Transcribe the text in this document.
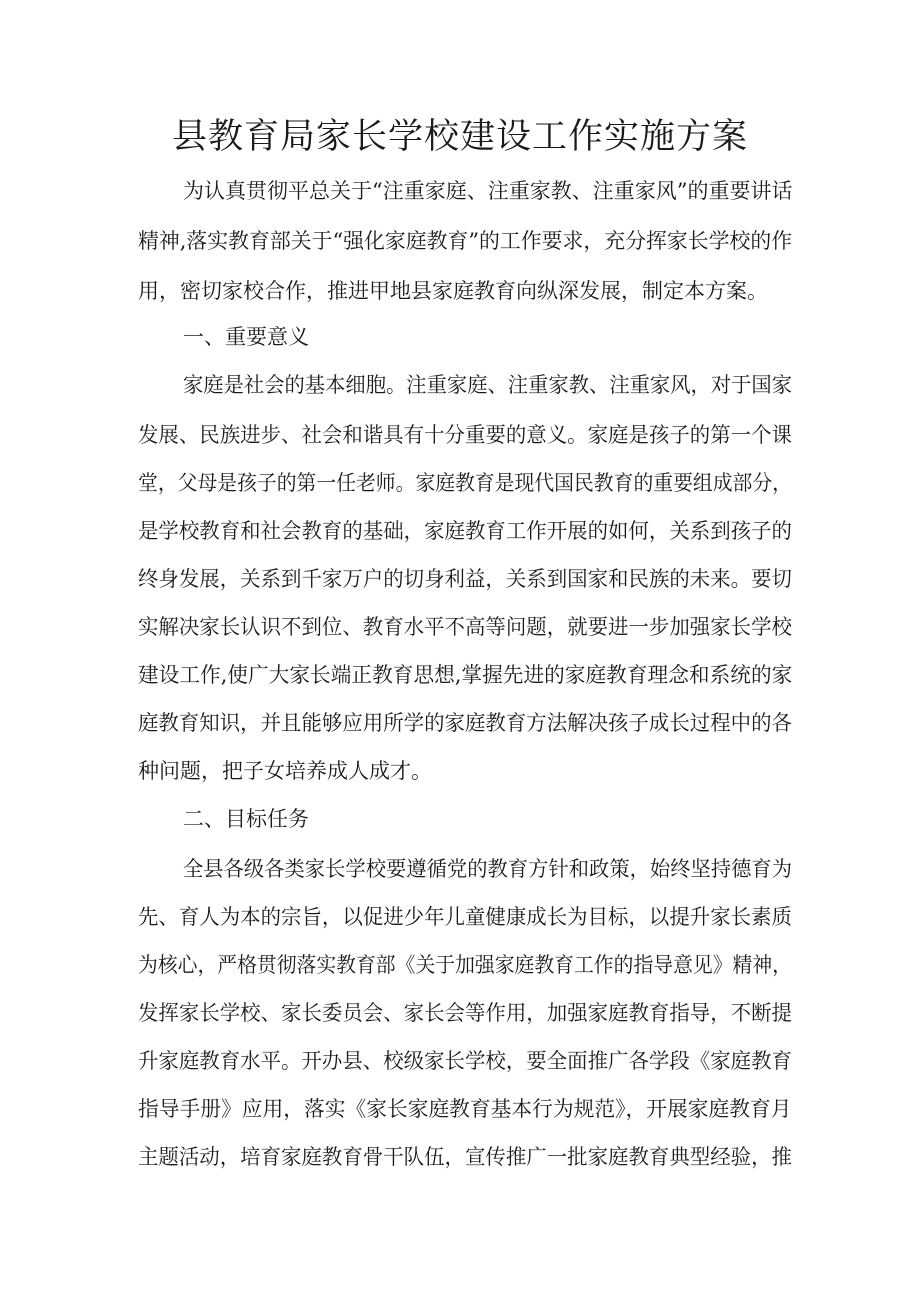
县教育局家长学校建设工作实施方案

为认真贯彻平总关于“注重家庭、注重家教、注重家风”的重要讲话

精神,落实教育部关于“强化家庭教育”的工作要求，充分挥家长学校的作

用，密切家校合作，推进甲地县家庭教育向纵深发展，制定本方案。

一、重要意义

家庭是社会的基本细胞。注重家庭、注重家教、注重家风，对于国家

发展、民族进步、社会和谐具有十分重要的意义。家庭是孩子的第一个课

堂，父母是孩子的第一任老师。家庭教育是现代国民教育的重要组成部分，

是学校教育和社会教育的基础，家庭教育工作开展的如何，关系到孩子的

终身发展，关系到千家万户的切身利益，关系到国家和民族的未来。要切

实解决家长认识不到位、教育水平不高等问题，就要进一步加强家长学校

建设工作,使广大家长端正教育思想,掌握先进的家庭教育理念和系统的家

庭教育知识，并且能够应用所学的家庭教育方法解决孩子成长过程中的各

种问题，把子女培养成人成才。

二、目标任务

全县各级各类家长学校要遵循党的教育方针和政策，始终坚持德育为

先、育人为本的宗旨，以促进少年儿童健康成长为目标，以提升家长素质

为核心，严格贯彻落实教育部《关于加强家庭教育工作的指导意见》精神，

发挥家长学校、家长委员会、家长会等作用，加强家庭教育指导，不断提

升家庭教育水平。开办县、校级家长学校，要全面推广各学段《家庭教育

指导手册》应用，落实《家长家庭教育基本行为规范》，开展家庭教育月

主题活动，培育家庭教育骨干队伍，宣传推广一批家庭教育典型经验，推
